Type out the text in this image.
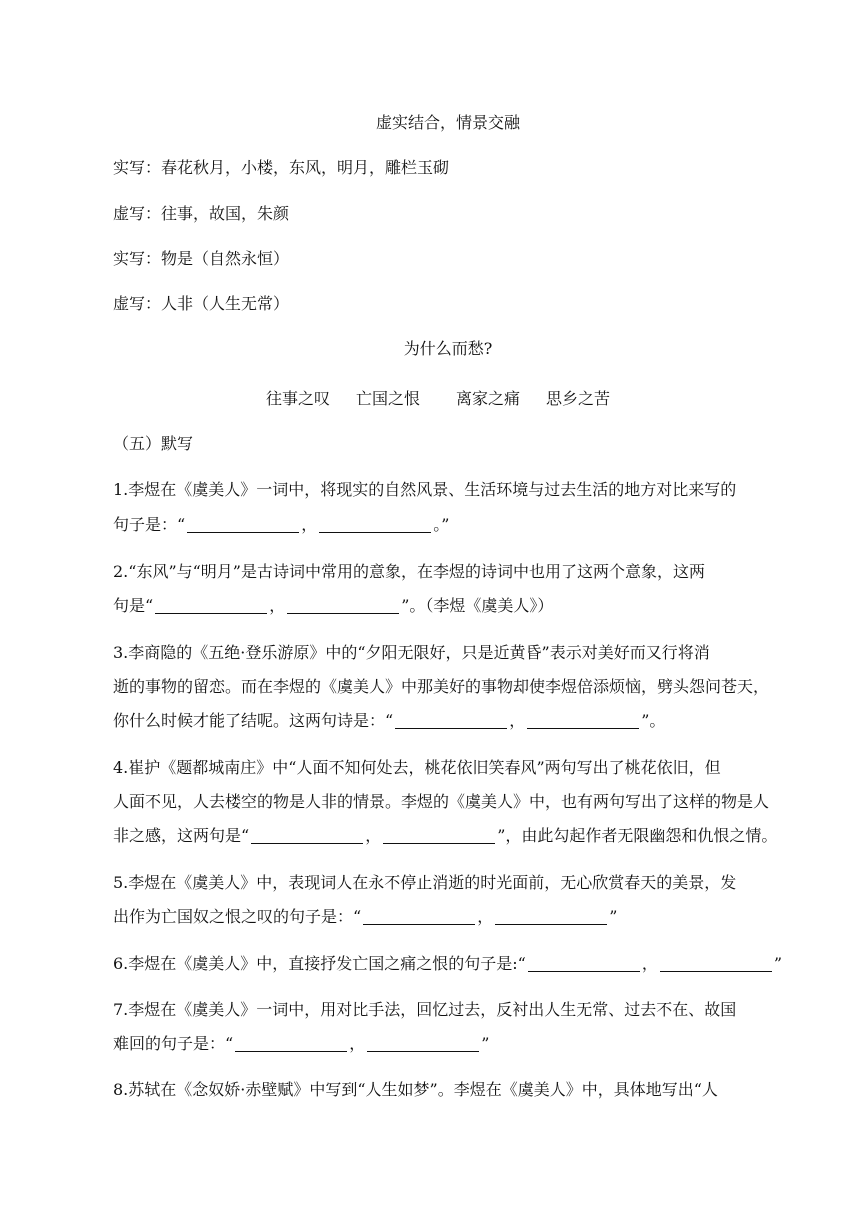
虚实结合，情景交融
实写：春花秋月，小楼，东风，明月，雕栏玉砌
虚写：往事，故国，朱颜
实写：物是（自然永恒）
虚写：人非（人生无常）
为什么而愁?
往事之叹 亡国之恨 离家之痛 思乡之苦
（五）默写
1.李煜在《虞美人》一词中，将现实的自然风景、生活环境与过去生活的地方对比来写的
句子是：“	，	。”
2.“东风”与“明月”是古诗词中常用的意象，在李煜的诗词中也用了这两个意象，这两
句是“	，	”。（李煜《虞美人》）
3.李商隐的《五绝·登乐游原》中的“夕阳无限好，只是近黄昏”表示对美好而又行将消
逝的事物的留恋。而在李煜的《虞美人》中那美好的事物却使李煜倍添烦恼，劈头怨问苍天，
你什么时候才能了结呢。这两句诗是：“	，	”。
4.崔护《题都城南庄》中“人面不知何处去，桃花依旧笑春风”两句写出了桃花依旧，但
人面不见，人去楼空的物是人非的情景。李煜的《虞美人》中，也有两句写出了这样的物是人
非之感，这两句是“	，	”，由此勾起作者无限幽怨和仇恨之情。
5.李煜在《虞美人》中，表现词人在永不停止消逝的时光面前，无心欣赏春天的美景，发
出作为亡国奴之恨之叹的句子是：“	，	”
6.李煜在《虞美人》中，直接抒发亡国之痛之恨的句子是:“	，	”
7.李煜在《虞美人》一词中，用对比手法，回忆过去，反衬出人生无常、过去不在、故国
难回的句子是：“	，	”
8.苏轼在《念奴娇·赤壁赋》中写到“人生如梦”。李煜在《虞美人》中，具体地写出“人
